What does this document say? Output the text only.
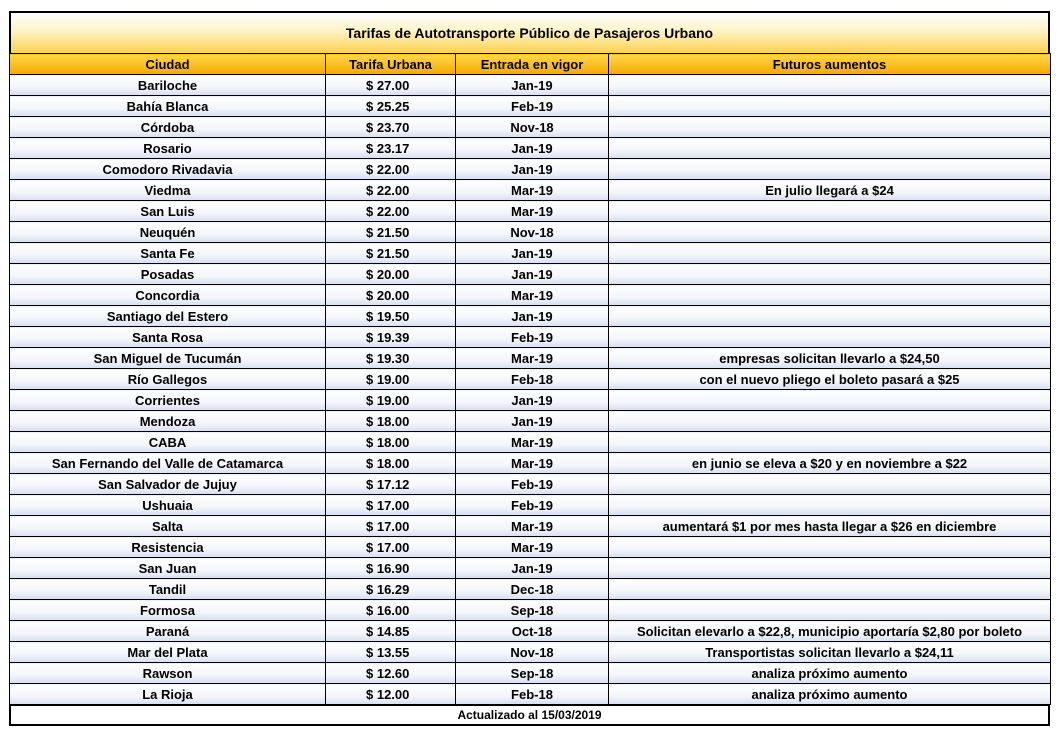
Tarifas de Autotransporte Público de Pasajeros Urbano
Ciudad	Tarifa Urbana	Entrada en vigor	Futuros aumentos
Bariloche	$ 27.00	Jan-19	
Bahía Blanca	$ 25.25	Feb-19	
Córdoba	$ 23.70	Nov-18	
Rosario	$ 23.17	Jan-19	
Comodoro Rivadavia	$ 22.00	Jan-19	
Viedma	$ 22.00	Mar-19	En julio llegará a $24
San Luis	$ 22.00	Mar-19	
Neuquén	$ 21.50	Nov-18	
Santa Fe	$ 21.50	Jan-19	
Posadas	$ 20.00	Jan-19	
Concordia	$ 20.00	Mar-19	
Santiago del Estero	$ 19.50	Jan-19	
Santa Rosa	$ 19.39	Feb-19	
San Miguel de Tucumán	$ 19.30	Mar-19	empresas solicitan llevarlo a $24,50
Río Gallegos	$ 19.00	Feb-18	con el nuevo pliego el boleto pasará a $25
Corrientes	$ 19.00	Jan-19	
Mendoza	$ 18.00	Jan-19	
CABA	$ 18.00	Mar-19	
San Fernando del Valle de Catamarca	$ 18.00	Mar-19	en junio se eleva a $20 y en noviembre a $22
San Salvador de Jujuy	$ 17.12	Feb-19	
Ushuaia	$ 17.00	Feb-19	
Salta	$ 17.00	Mar-19	aumentará $1 por mes hasta llegar a $26 en diciembre
Resistencia	$ 17.00	Mar-19	
San Juan	$ 16.90	Jan-19	
Tandil	$ 16.29	Dec-18	
Formosa	$ 16.00	Sep-18	
Paraná	$ 14.85	Oct-18	Solicitan elevarlo a $22,8, municipio aportaría $2,80 por boleto
Mar del Plata	$ 13.55	Nov-18	Transportistas solicitan llevarlo a $24,11
Rawson	$ 12.60	Sep-18	analiza próximo aumento
La Rioja	$ 12.00	Feb-18	analiza próximo aumento
Actualizado al 15/03/2019
